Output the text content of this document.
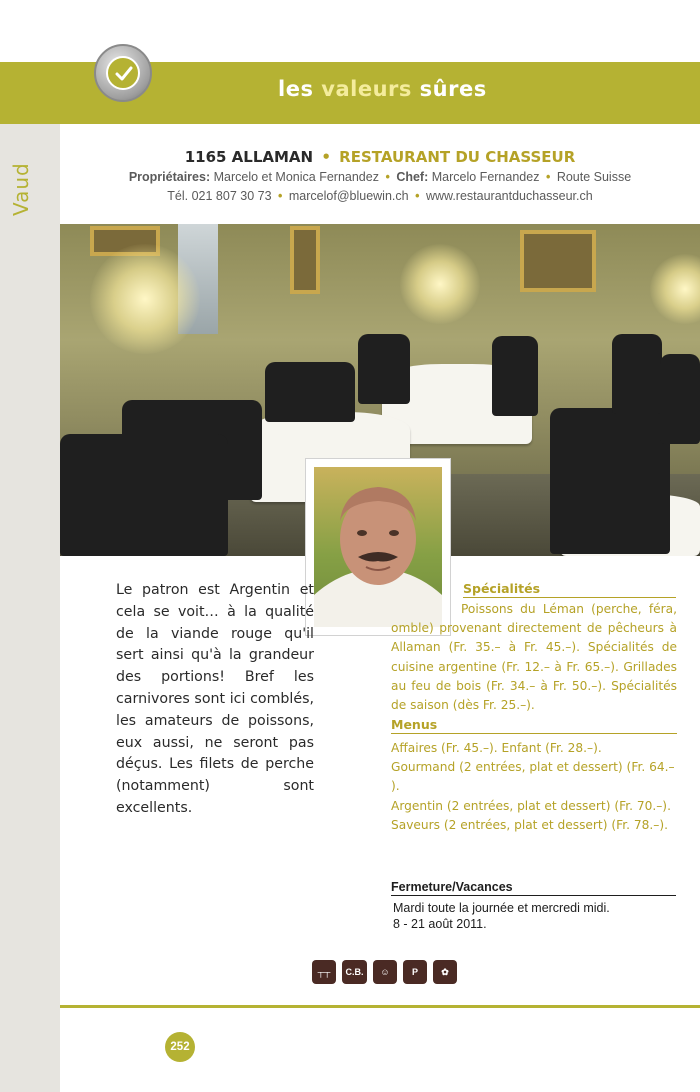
les valeurs sûres
Vaud
1165 ALLAMAN • RESTAURANT DU CHASSEUR
Propriétaires: Marcelo et Monica Fernandez • Chef: Marcelo Fernandez • Route Suisse
Tél. 021 807 30 73 • marcelof@bluewin.ch • www.restaurantduchasseur.ch
Le patron est Argentin et cela se voit… à la qualité de la viande rouge qu'il sert ainsi qu'à la grandeur des portions! Bref les carnivores sont ici comblés, les amateurs de poissons, eux aussi, ne seront pas déçus. Les filets de perche (notamment) sont excellents.
Spécialités
Poissons du Léman (perche, féra, omble) provenant directement de pêcheurs à Allaman (Fr. 35.– à Fr. 45.–). Spécialités de cuisine argentine (Fr. 12.– à Fr. 65.–). Grillades au feu de bois (Fr. 34.– à Fr. 50.–). Spécialités de saison (dès Fr. 25.–).
Menus
Affaires (Fr. 45.–). Enfant (Fr. 28.–).
Gourmand (2 entrées, plat et dessert) (Fr. 64.– ).
Argentin (2 entrées, plat et dessert) (Fr. 70.–).
Saveurs (2 entrées, plat et dessert) (Fr. 78.–).
Fermeture/Vacances
Mardi toute la journée et mercredi midi.
8 - 21 août 2011.
┬┬	C.B.	☺	P	✿
252
